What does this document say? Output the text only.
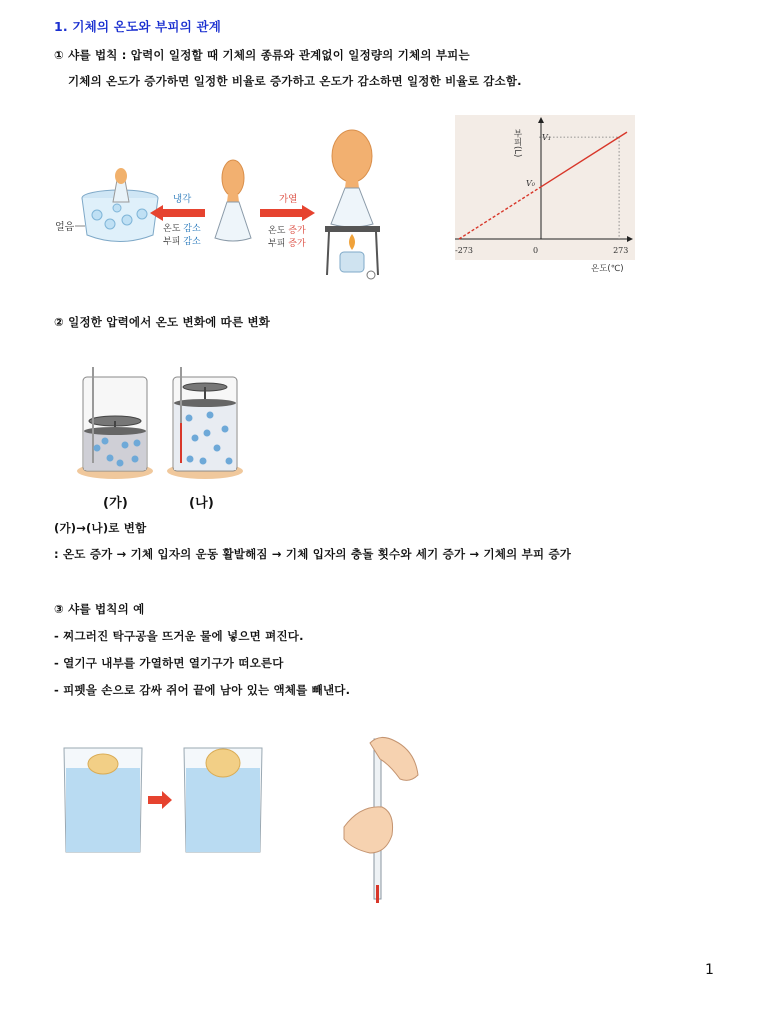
1. 기체의 온도와 부피의 관계
① 샤를 법칙 : 압력이 일정할 때 기체의 종류와 관계없이 일정량의 기체의 부피는
기체의 온도가 증가하면 일정한 비율로 증가하고 온도가 감소하면 일정한 비율로 감소함.
얼음
냉각
온도 감소
부피 감소
가열
온도 증가
부피 증가
부피(L)
-273	0	273
V₀
V₁
온도(℃)
② 일정한 압력에서 온도 변화에 따른 변화
(가)	(나)
(가)→(나)로 변함
: 온도 증가 → 기체 입자의 운동 활발해짐 → 기체 입자의 충돌 횟수와 세기 증가 → 기체의 부피 증가
③ 샤를 법칙의 예
- 찌그러진 탁구공을 뜨거운 물에 넣으면 펴진다.
- 열기구 내부를 가열하면 열기구가 떠오른다
- 피펫을 손으로 감싸 쥐어 끝에 남아 있는 액체를 빼낸다.
1
